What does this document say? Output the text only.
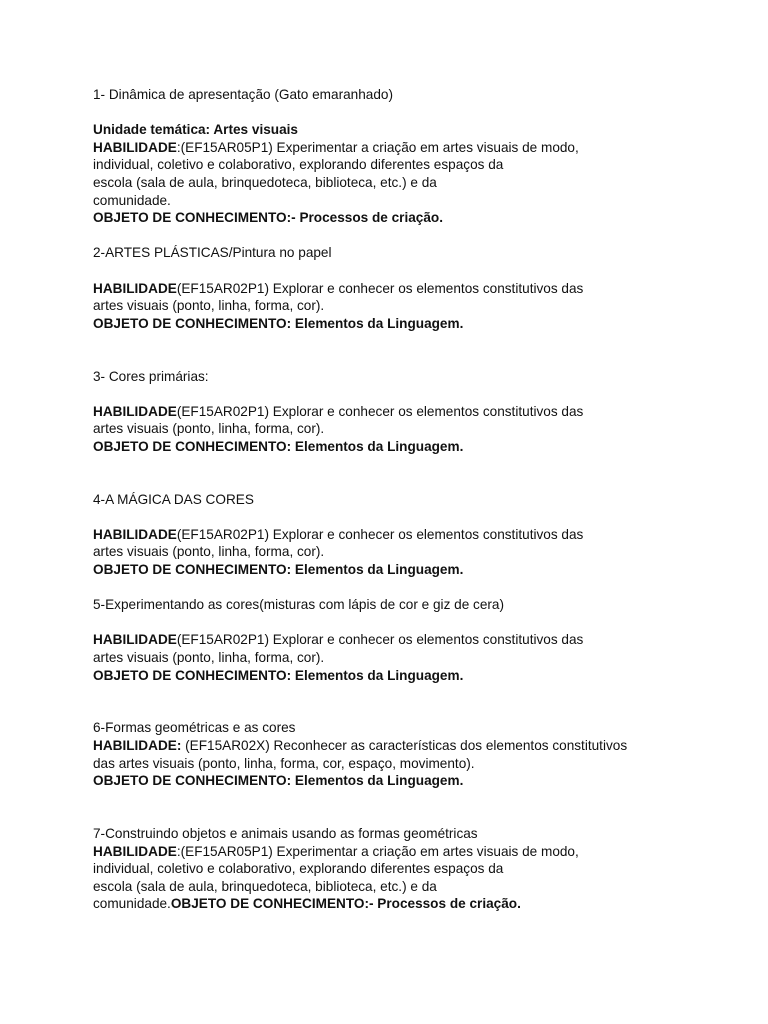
1- Dinâmica de apresentação (Gato emaranhado)
Unidade temática: Artes visuais
HABILIDADE:(EF15AR05P1) Experimentar a criação em artes visuais de modo,
individual, coletivo e colaborativo, explorando diferentes espaços da
escola (sala de aula, brinquedoteca, biblioteca, etc.) e da
comunidade.
OBJETO DE CONHECIMENTO:- Processos de criação.
2-ARTES PLÁSTICAS/Pintura no papel
HABILIDADE(EF15AR02P1) Explorar e conhecer os elementos constitutivos das
artes visuais (ponto, linha, forma, cor).
OBJETO DE CONHECIMENTO: Elementos da Linguagem.
3- Cores primárias:
HABILIDADE(EF15AR02P1) Explorar e conhecer os elementos constitutivos das
artes visuais (ponto, linha, forma, cor).
OBJETO DE CONHECIMENTO: Elementos da Linguagem.
4-A MÁGICA DAS CORES
HABILIDADE(EF15AR02P1) Explorar e conhecer os elementos constitutivos das
artes visuais (ponto, linha, forma, cor).
OBJETO DE CONHECIMENTO: Elementos da Linguagem.
5-Experimentando as cores(misturas com lápis de cor e giz de cera)
HABILIDADE(EF15AR02P1) Explorar e conhecer os elementos constitutivos das
artes visuais (ponto, linha, forma, cor).
OBJETO DE CONHECIMENTO: Elementos da Linguagem.
6-Formas geométricas e as cores
HABILIDADE: (EF15AR02X) Reconhecer as características dos elementos constitutivos
das artes visuais (ponto, linha, forma, cor, espaço, movimento).
OBJETO DE CONHECIMENTO: Elementos da Linguagem.
7-Construindo objetos e animais usando as formas geométricas
HABILIDADE:(EF15AR05P1) Experimentar a criação em artes visuais de modo,
individual, coletivo e colaborativo, explorando diferentes espaços da
escola (sala de aula, brinquedoteca, biblioteca, etc.) e da
comunidade.OBJETO DE CONHECIMENTO:- Processos de criação.
